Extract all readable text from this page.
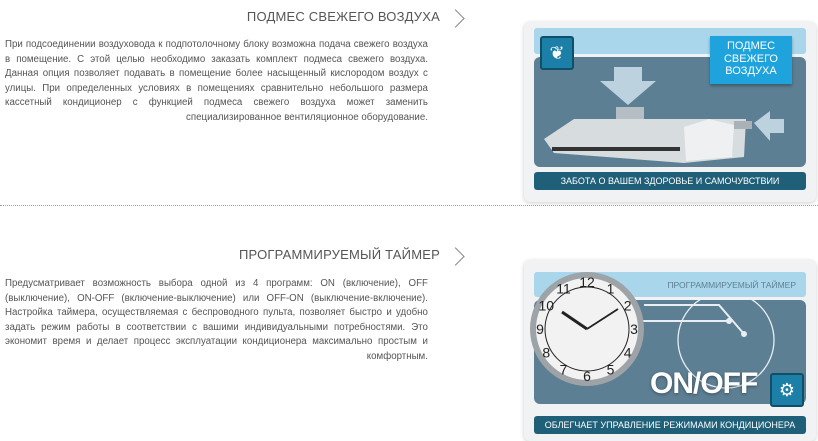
ПОДМЕС СВЕЖЕГО ВОЗДУХА
При подсоединении воздуховода к подпотолочному блоку возможна подача свежего воздуха в помещение. С этой целью необходимо заказать комплект подмеса свежего воздуха. Данная опция позволяет подавать в помещение более насыщенный кислородом воздух с улицы. При определенных условиях в помещениях сравнительно небольшого размера кассетный кондиционер с функцией подмеса свежего воздуха может заменить специализированное вентиляционное оборудование.
❦	ПОДМЕС
СВЕЖЕГО
ВОЗДУХА
ЗАБОТА О ВАШЕМ ЗДОРОВЬЕ И САМОЧУВСТВИИ
ПРОГРАММИРУЕМЫЙ ТАЙМЕР
Предусматривает возможность выбора одной из 4 программ: ON (включение), OFF (выключение), ON-OFF (включение-выключение) или OFF-ON (выключение-включение). Настройка таймера, осуществляемая с беспроводного пульта, позволяет быстро и удобно задать режим работы в соответствии с вашими индивидуальными потребностями. Это экономит время и делает процесс эксплуатации кондиционера максимально простым и комфортным.
ПРОГРАММИРУЕМЫЙ ТАЙМЕР
12 1
2
3
4
5
6
7
8
9
10
11
ON/OFF	⚙
ОБЛЕГЧАЕТ УПРАВЛЕНИЕ РЕЖИМАМИ КОНДИЦИОНЕРА
